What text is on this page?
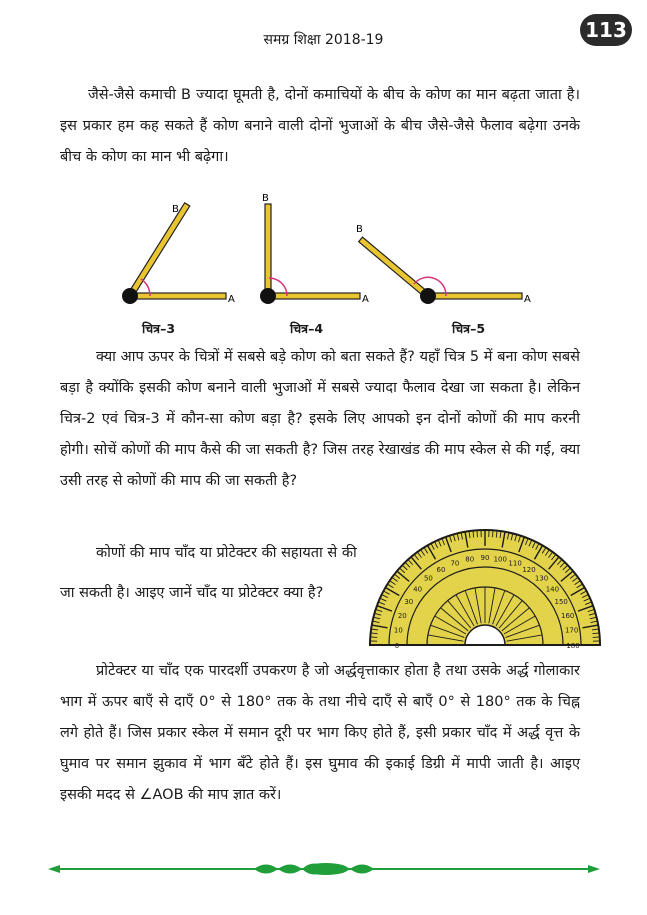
समग्र शिक्षा 2018-19	113

जैसे-जैसे कमाची B ज्यादा घूमती है, दोनों कमाचियों के बीच के कोण का मान बढ़ता जाता है। इस प्रकार हम कह सकते हैं कोण बनाने वाली दोनों भुजाओं के बीच जैसे-जैसे फैलाव बढ़ेगा उनके बीच के कोण का मान भी बढ़ेगा।

A
B
A
B
A
B
चित्र–3	चित्र–4	चित्र–5

क्या आप ऊपर के चित्रों में सबसे बड़े कोण को बता सकते हैं? यहाँ चित्र 5 में बना कोण सबसे बड़ा है क्योंकि इसकी कोण बनाने वाली भुजाओं में सबसे ज्यादा फैलाव देखा जा सकता है। लेकिन चित्र-2 एवं चित्र-3 में कौन-सा कोण बड़ा है? इसके लिए आपको इन दोनों कोणों की माप करनी होगी। सोचें कोणों की माप कैसे की जा सकती है? जिस तरह रेखाखंड की माप स्केल से की गई, क्या उसी तरह से कोणों की माप की जा सकती है?

कोणों की माप चाँद या प्रोटेक्टर की सहायता से की जा सकती है। आइए जानें चाँद या प्रोटेक्टर क्या है?

0
10
20
30
40
50
60
70 80 90 100 110
120
130
140
150
160
170
180

प्रोटेक्टर या चाँद एक पारदर्शी उपकरण है जो अर्द्धवृत्ताकार होता है तथा उसके अर्द्ध गोलाकार भाग में ऊपर बाएँ से दाएँ 0° से 180° तक के तथा नीचे दाएँ से बाएँ 0° से 180° तक के चिह्न लगे होते हैं। जिस प्रकार स्केल में समान दूरी पर भाग किए होते हैं, इसी प्रकार चाँद में अर्द्ध वृत्त के घुमाव पर समान झुकाव में भाग बँटे होते हैं। इस घुमाव की इकाई डिग्री में मापी जाती है। आइए इसकी मदद से ∠AOB की माप ज्ञात करें।
